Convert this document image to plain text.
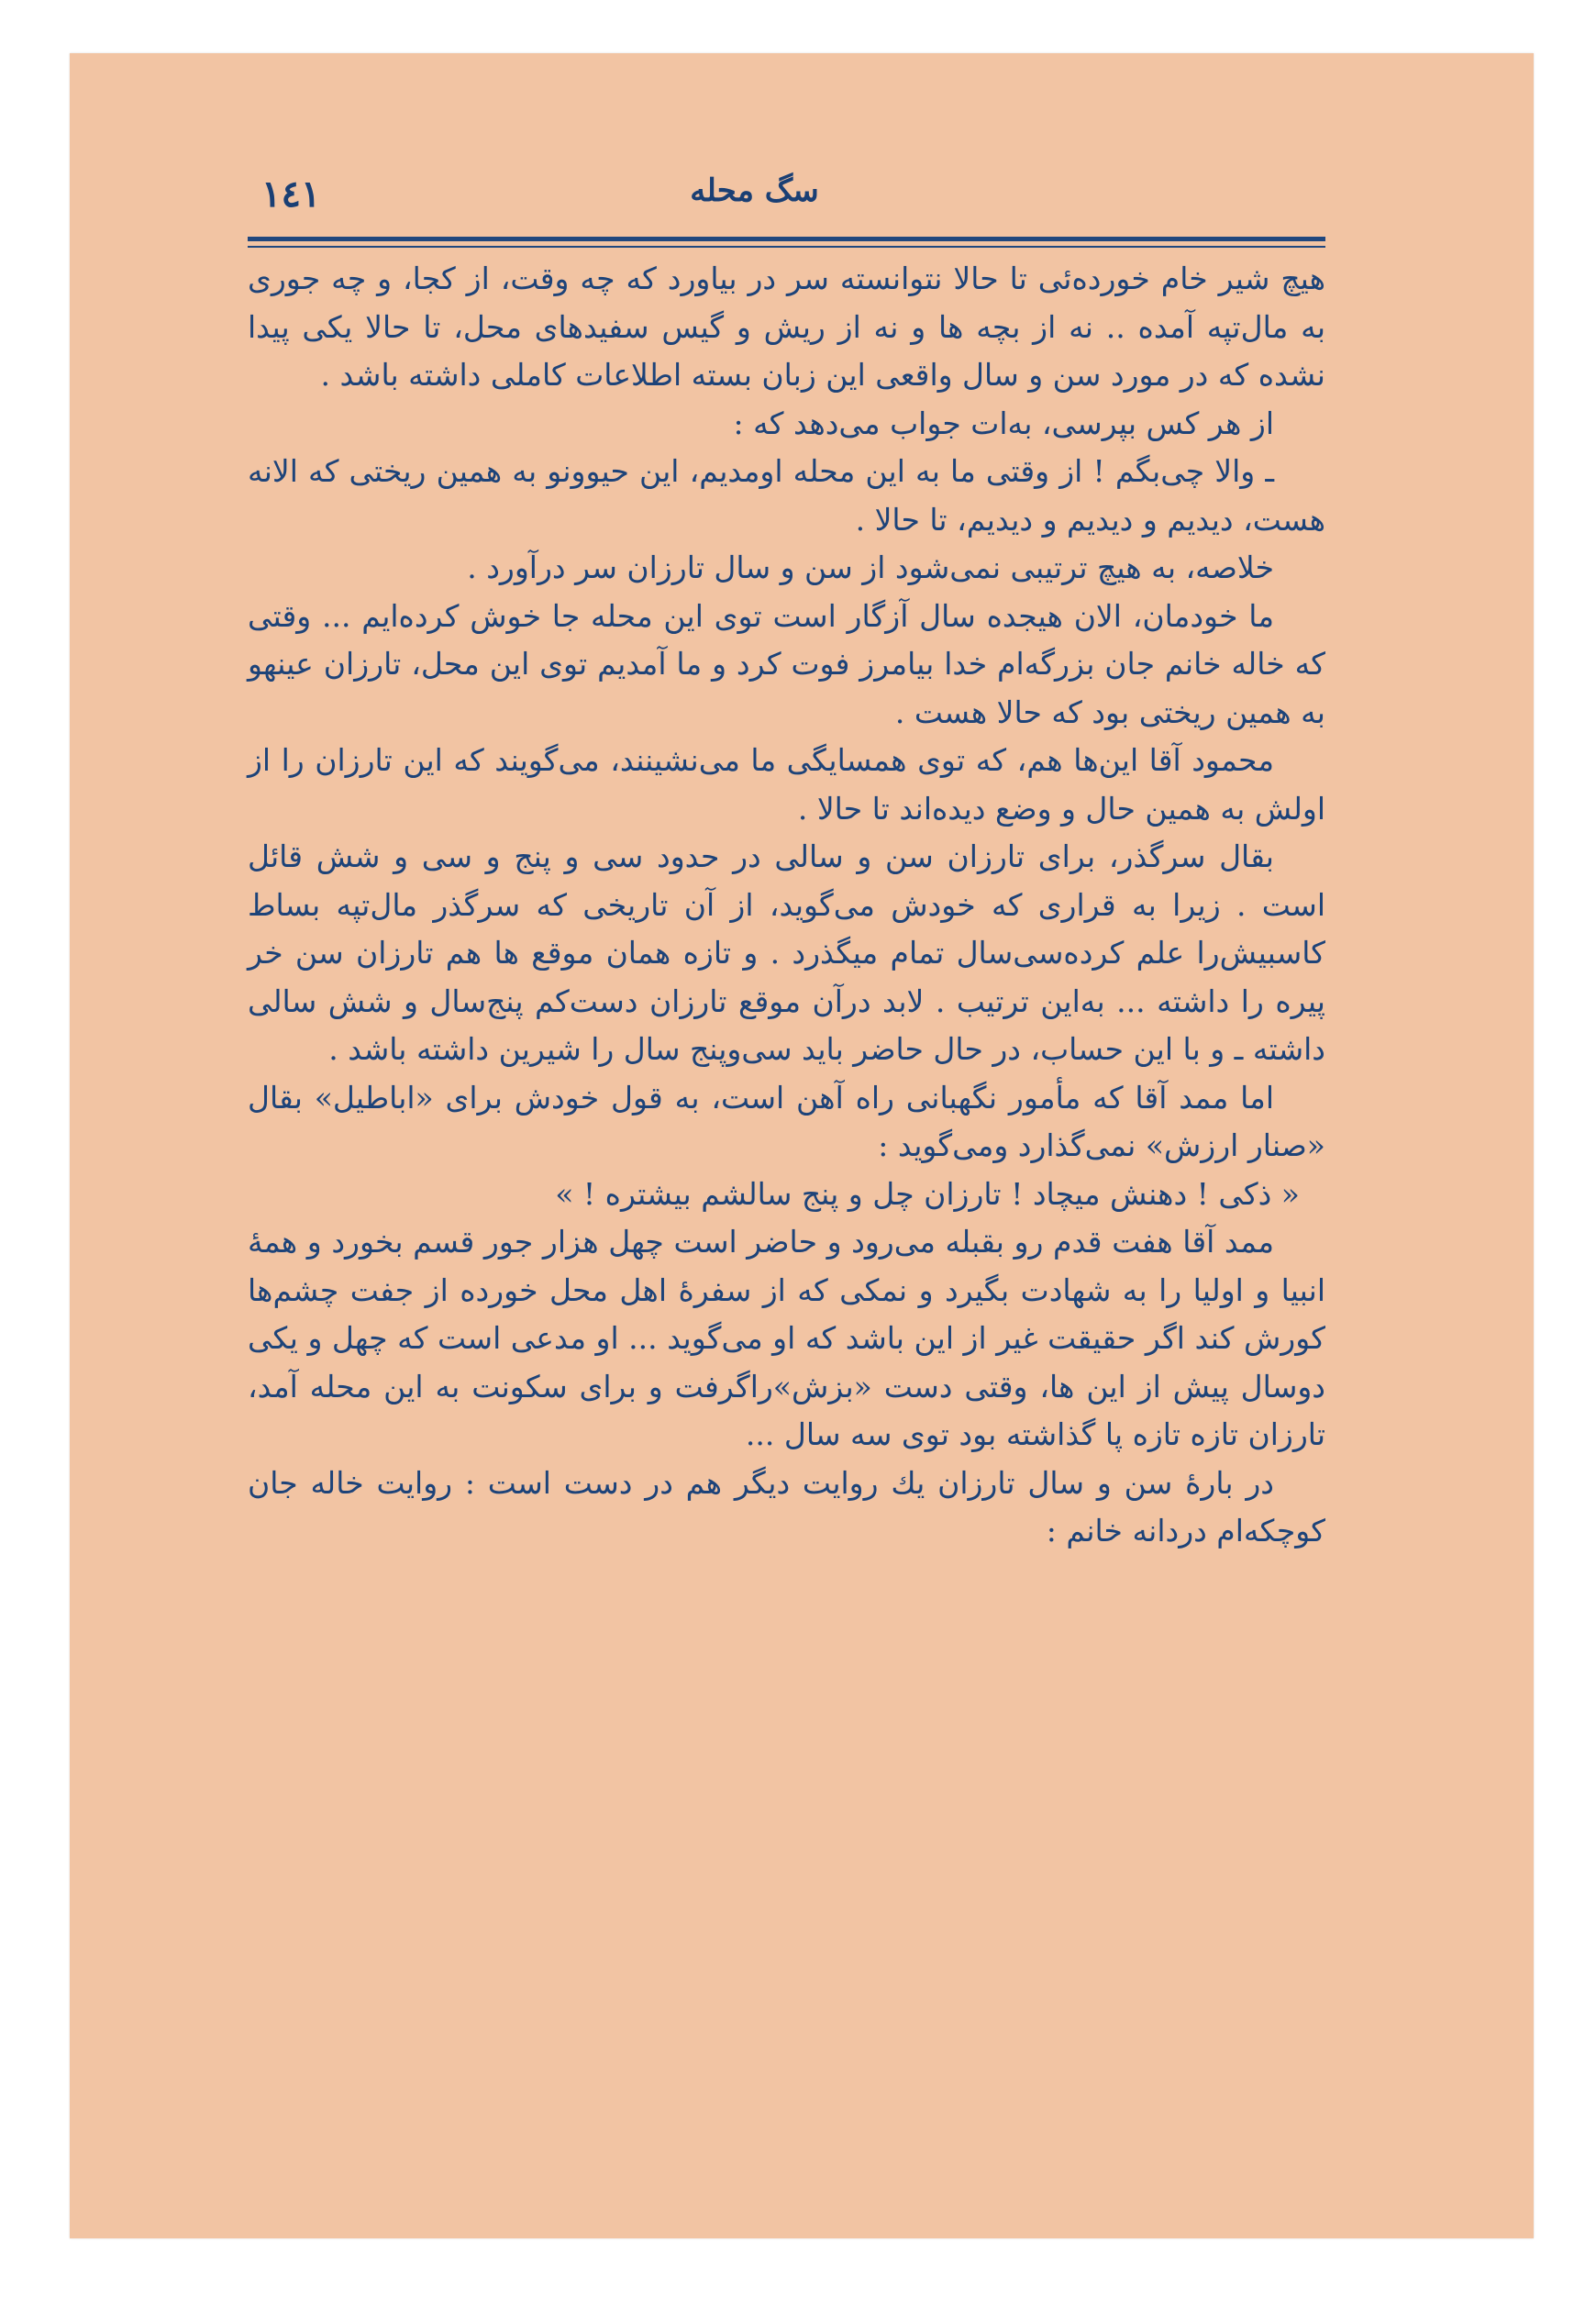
سگ محله
١٤١

هیچ شیر خام خورده‌ئی تا حالا نتوانسته سر در بیاورد که چه وقت، از کجا، و چه جوری به مال‌تپه آمده .. نه از بچه ها و نه از ریش و گیس سفیدهای محل، تا حالا یکی پیدا نشده که در مورد سن و سال واقعی این زبان بسته اطلاعات کاملی داشته باشد .

از هر کس بپرسی، به‌ات جواب می‌دهد که :

ـ والا چی‌بگم ! از وقتی ما به این محله اومدیم، این حیوونو به همین ریختی که الانه هست، دیدیم و دیدیم و دیدیم، تا حالا .

خلاصه، به هیچ ترتیبی نمی‌شود از سن و سال تارزان سر درآورد .

ما خودمان، الان هیجده سال آزگار است توی این محله جا خوش کرده‌ایم ... وقتی که خاله خانم جان بزرگه‌ام خدا بیامرز فوت کرد و ما آمدیم توی این محل، تارزان عینهو به همین ریختی بود که حالا هست .

محمود آقا این‌ها هم، که توی همسایگی ما می‌نشینند، می‌گویند که این تارزان را از اولش به همین حال و وضع دیده‌اند تا حالا .

بقال سرگذر، برای تارزان سن و سالی در حدود سی و پنج و سی و شش قائل است . زیرا به قراری که خودش می‌گوید، از آن تاریخی که سرگذر مال‌تپه بساط کاسبیش‌را علم کرده‌سی‌سال تمام میگذرد . و تازه همان موقع ها هم تارزان سن خر پیره را داشته ... به‌این ترتیب . لابد درآن موقع تارزان دست‌کم پنج‌سال و شش سالی داشته ـ و با این حساب، در حال حاضر باید سی‌وپنج سال را شیرین داشته باشد .

اما ممد آقا که مأمور نگهبانی راه آهن است، به قول خودش برای «اباطیل» بقال «صنار ارزش» نمی‌گذارد ومی‌گوید :

« ذکی ! دهنش میچاد ! تارزان چل و پنج سالشم بیشتره ! »

ممد آقا هفت قدم رو بقبله می‌رود و حاضر است چهل هزار جور قسم بخورد و همهٔ انبیا و اولیا را به شهادت بگیرد و نمکی که از سفرهٔ اهل محل خورده از جفت چشم‌ها کورش کند اگر حقیقت غیر از این باشد که او می‌گوید ... او مدعی است که چهل و یکی دوسال پیش از این ها، وقتی دست «بزش»راگرفت و برای سکونت به این محله آمد، تارزان تازه تازه پا گذاشته بود توی سه سال ...

در بارهٔ سن و سال تارزان يك روایت دیگر هم در دست است : روایت خاله جان کوچکه‌ام دردانه خانم :
